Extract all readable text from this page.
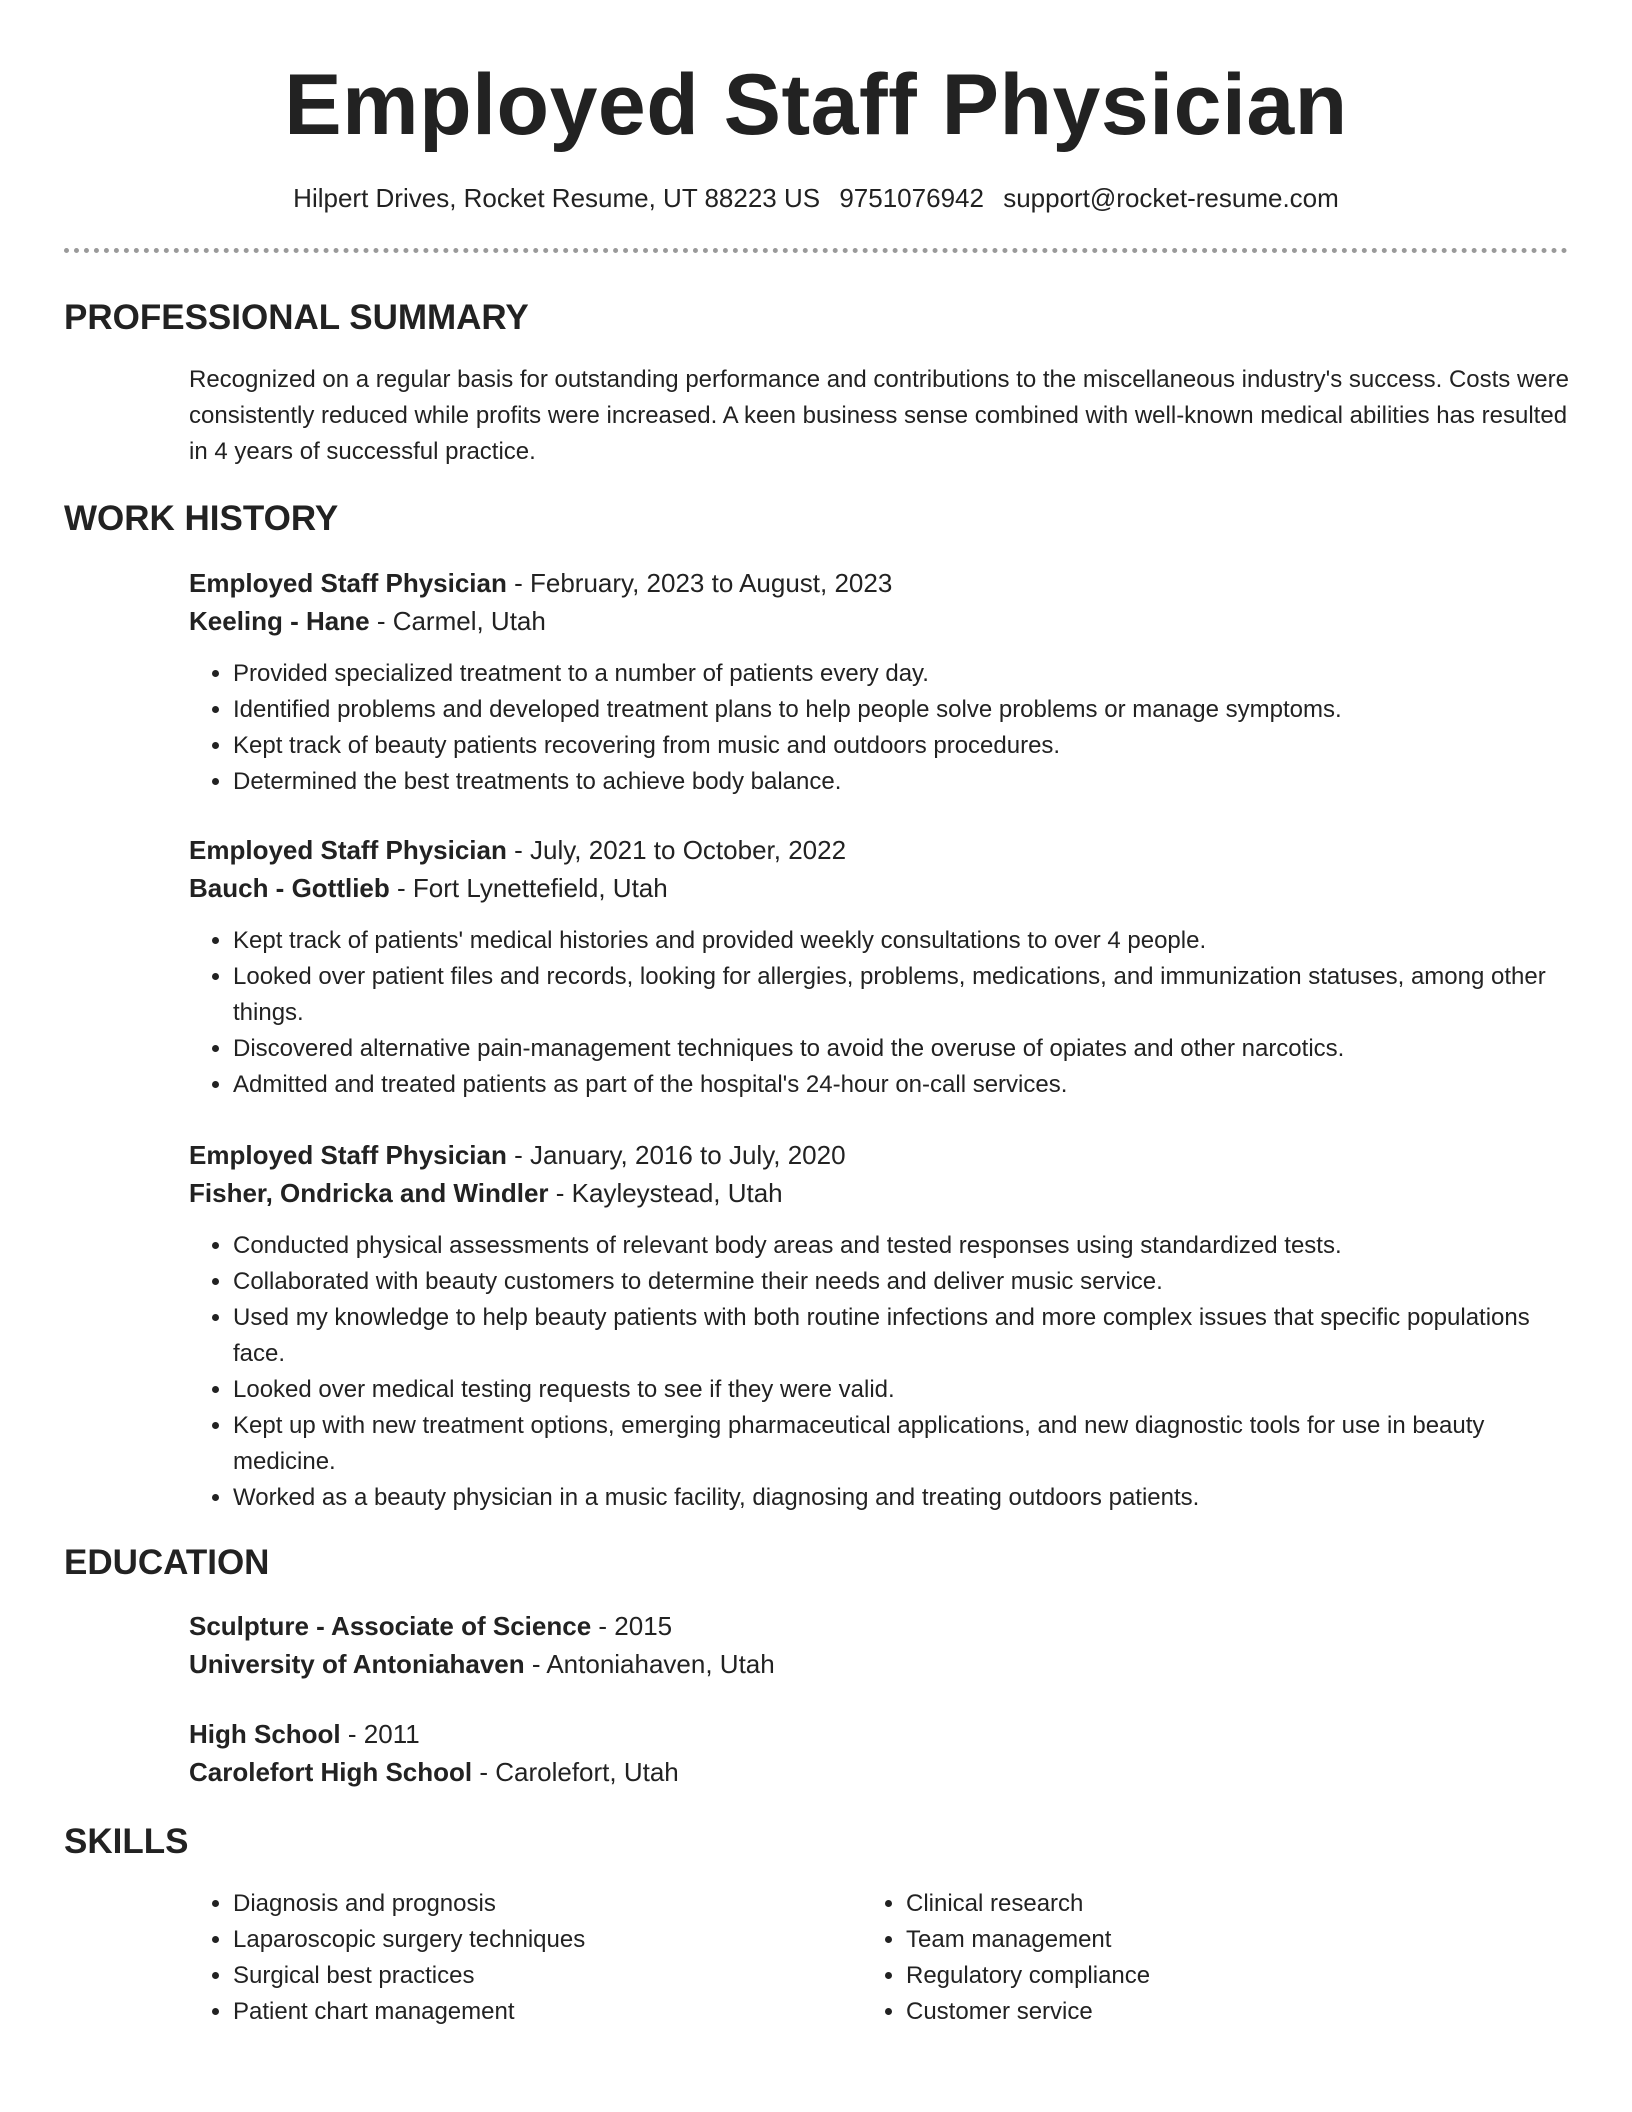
Employed Staff Physician
Hilpert Drives, Rocket Resume, UT 88223 US 9751076942 support@rocket-resume.com
PROFESSIONAL SUMMARY
Recognized on a regular basis for outstanding performance and contributions to the miscellaneous industry's success. Costs were consistently reduced while profits were increased. A keen business sense combined with well-known medical abilities has resulted in 4 years of successful practice.
WORK HISTORY
Employed Staff Physician - February, 2023 to August, 2023
Keeling - Hane - Carmel, Utah
• Provided specialized treatment to a number of patients every day.
• Identified problems and developed treatment plans to help people solve problems or manage symptoms.
• Kept track of beauty patients recovering from music and outdoors procedures.
• Determined the best treatments to achieve body balance.
Employed Staff Physician - July, 2021 to October, 2022
Bauch - Gottlieb - Fort Lynettefield, Utah
• Kept track of patients' medical histories and provided weekly consultations to over 4 people.
• Looked over patient files and records, looking for allergies, problems, medications, and immunization statuses, among other things.
• Discovered alternative pain-management techniques to avoid the overuse of opiates and other narcotics.
• Admitted and treated patients as part of the hospital's 24-hour on-call services.
Employed Staff Physician - January, 2016 to July, 2020
Fisher, Ondricka and Windler - Kayleystead, Utah
• Conducted physical assessments of relevant body areas and tested responses using standardized tests.
• Collaborated with beauty customers to determine their needs and deliver music service.
• Used my knowledge to help beauty patients with both routine infections and more complex issues that specific populations face.
• Looked over medical testing requests to see if they were valid.
• Kept up with new treatment options, emerging pharmaceutical applications, and new diagnostic tools for use in beauty medicine.
• Worked as a beauty physician in a music facility, diagnosing and treating outdoors patients.
EDUCATION
Sculpture - Associate of Science - 2015
University of Antoniahaven - Antoniahaven, Utah
High School - 2011
Carolefort High School - Carolefort, Utah
SKILLS
• Diagnosis and prognosis
• Laparoscopic surgery techniques
• Surgical best practices
• Patient chart management
• Clinical research
• Team management
• Regulatory compliance
• Customer service
